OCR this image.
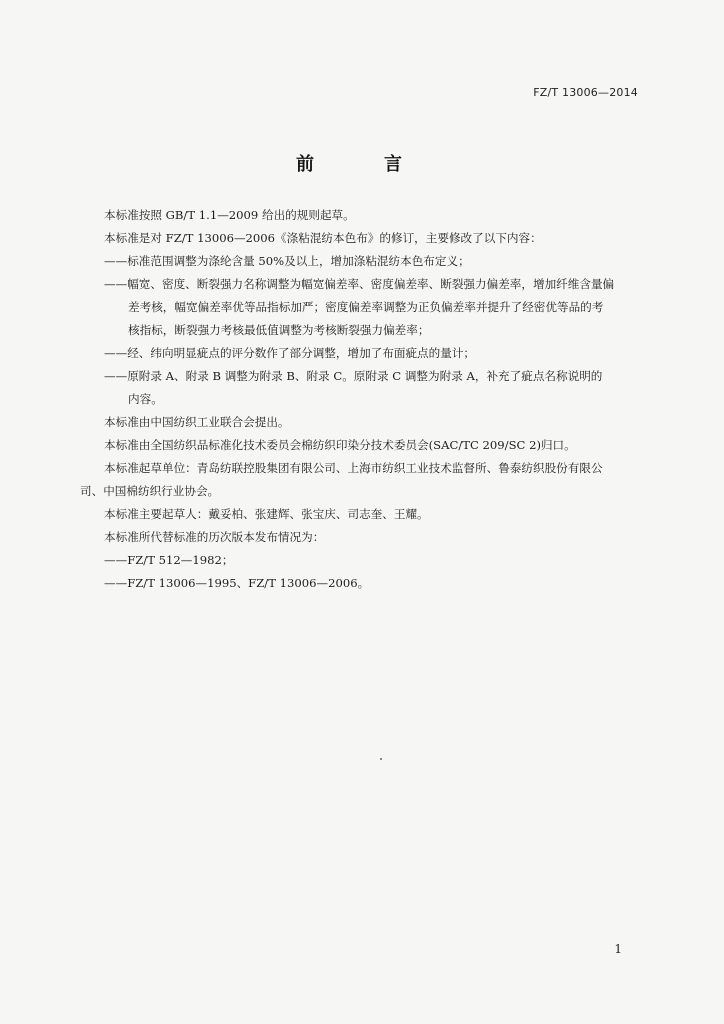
FZ/T 13006—2014
前　言

本标准按照 GB/T 1.1—2009 给出的规则起草。

本标准是对 FZ/T 13006—2006《涤粘混纺本色布》的修订，主要修改了以下内容：

——标准范围调整为涤纶含量 50%及以上，增加涤粘混纺本色布定义；

——幅宽、密度、断裂强力名称调整为幅宽偏差率、密度偏差率、断裂强力偏差率，增加纤维含量偏

差考核，幅宽偏差率优等品指标加严；密度偏差率调整为正负偏差率并提升了经密优等品的考

核指标，断裂强力考核最低值调整为考核断裂强力偏差率；

——经、纬向明显疵点的评分数作了部分调整，增加了布面疵点的量计；

——原附录 A、附录 B 调整为附录 B、附录 C。原附录 C 调整为附录 A，补充了疵点名称说明的

内容。

本标准由中国纺织工业联合会提出。

本标准由全国纺织品标准化技术委员会棉纺织印染分技术委员会(SAC/TC 209/SC 2)归口。

本标准起草单位：青岛纺联控股集团有限公司、上海市纺织工业技术监督所、鲁泰纺织股份有限公

司、中国棉纺织行业协会。

本标准主要起草人：戴妥柏、张建辉、张宝庆、司志奎、王耀。

本标准所代替标准的历次版本发布情况为：

——FZ/T 512—1982；

——FZ/T 13006—1995、FZ/T 13006—2006。

1
